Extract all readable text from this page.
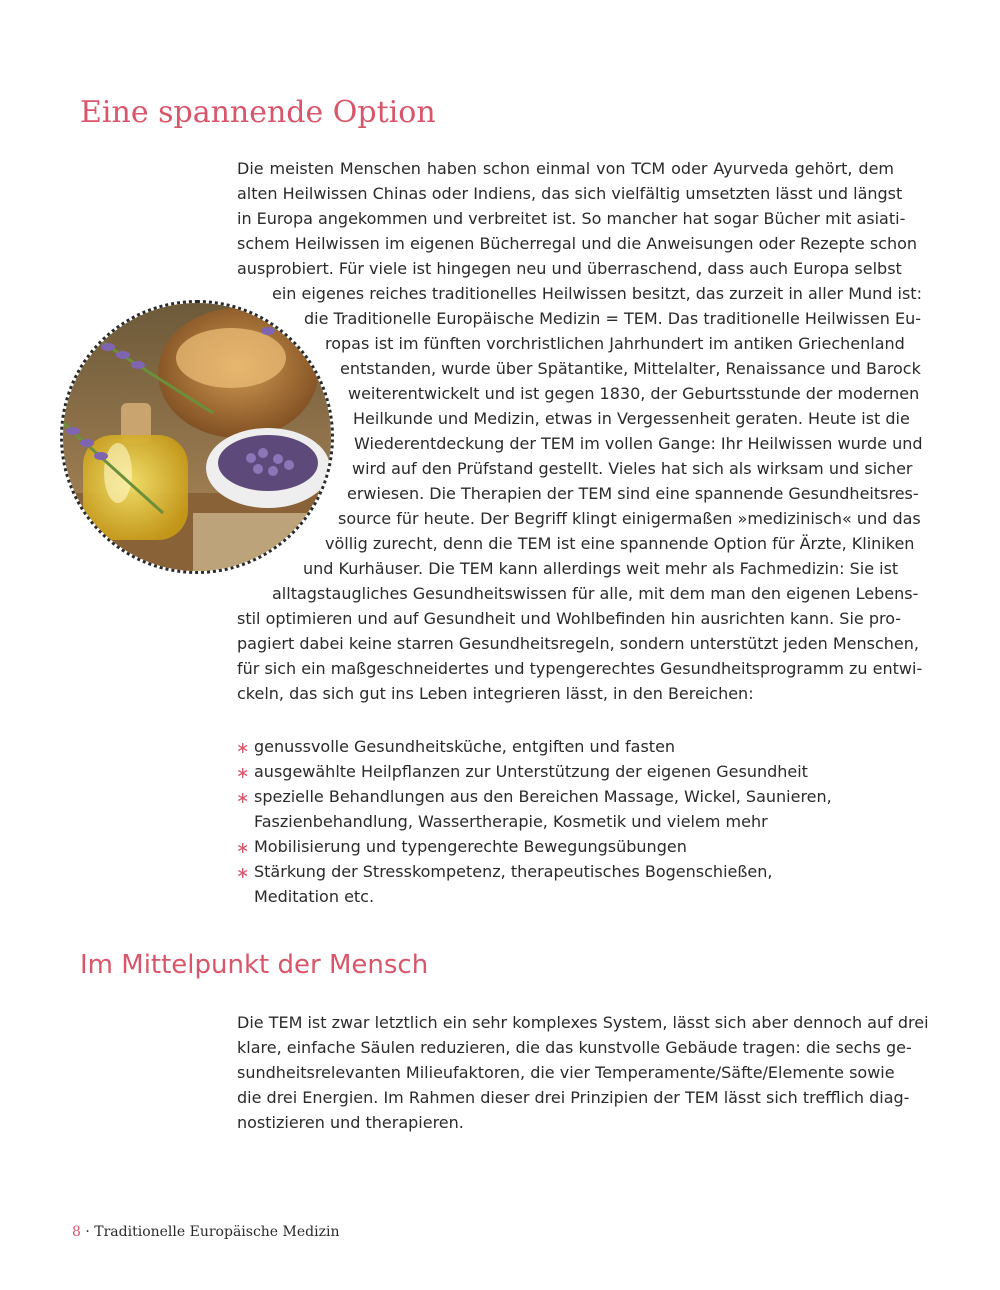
Eine spannende Option
Die meisten Menschen haben schon einmal von TCM oder Ayurveda gehört, dem
alten Heilwissen Chinas oder Indiens, das sich vielfältig umsetzten lässt und längst
in Europa angekommen und verbreitet ist. So mancher hat sogar Bücher mit asiati-
schem Heilwissen im eigenen Bücherregal und die Anweisungen oder Rezepte schon
ausprobiert. Für viele ist hingegen neu und überraschend, dass auch Europa selbst
ein eigenes reiches traditionelles Heilwissen besitzt, das zurzeit in aller Mund ist:
die Traditionelle Europäische Medizin = TEM. Das traditionelle Heilwissen Eu-
ropas ist im fünften vorchristlichen Jahrhundert im antiken Griechenland
entstanden, wurde über Spätantike, Mittelalter, Renaissance und Barock
weiterentwickelt und ist gegen 1830, der Geburtsstunde der modernen
Heilkunde und Medizin, etwas in Vergessenheit geraten. Heute ist die
Wiederentdeckung der TEM im vollen Gange: Ihr Heilwissen wurde und
wird auf den Prüfstand gestellt. Vieles hat sich als wirksam und sicher
erwiesen. Die Therapien der TEM sind eine spannende Gesundheitsres-
source für heute. Der Begriff klingt einigermaßen »medizinisch« und das
völlig zurecht, denn die TEM ist eine spannende Option für Ärzte, Kliniken
und Kurhäuser. Die TEM kann allerdings weit mehr als Fachmedizin: Sie ist
alltagstaugliches Gesundheitswissen für alle, mit dem man den eigenen Lebens-
stil optimieren und auf Gesundheit und Wohlbefinden hin ausrichten kann. Sie pro-
pagiert dabei keine starren Gesundheitsregeln, sondern unterstützt jeden Menschen,
für sich ein maßgeschneidertes und typengerechtes Gesundheitsprogramm zu entwi-
ckeln, das sich gut ins Leben integrieren lässt, in den Bereichen:
∗ genussvolle Gesundheitsküche, entgiften und fasten
∗ ausgewählte Heilpflanzen zur Unterstützung der eigenen Gesundheit
∗ spezielle Behandlungen aus den Bereichen Massage, Wickel, Saunieren,
Faszienbehandlung, Wassertherapie, Kosmetik und vielem mehr
∗ Mobilisierung und typengerechte Bewegungsübungen
∗ Stärkung der Stresskompetenz, therapeutisches Bogenschießen,
Meditation etc.
Im Mittelpunkt der Mensch
Die TEM ist zwar letztlich ein sehr komplexes System, lässt sich aber dennoch auf drei
klare, einfache Säulen reduzieren, die das kunstvolle Gebäude tragen: die sechs ge-
sundheitsrelevanten Milieufaktoren, die vier Temperamente/Säfte/Elemente sowie
die drei Energien. Im Rahmen dieser drei Prinzipien der TEM lässt sich trefflich diag-
nostizieren und therapieren.
8 · Traditionelle Europäische Medizin
